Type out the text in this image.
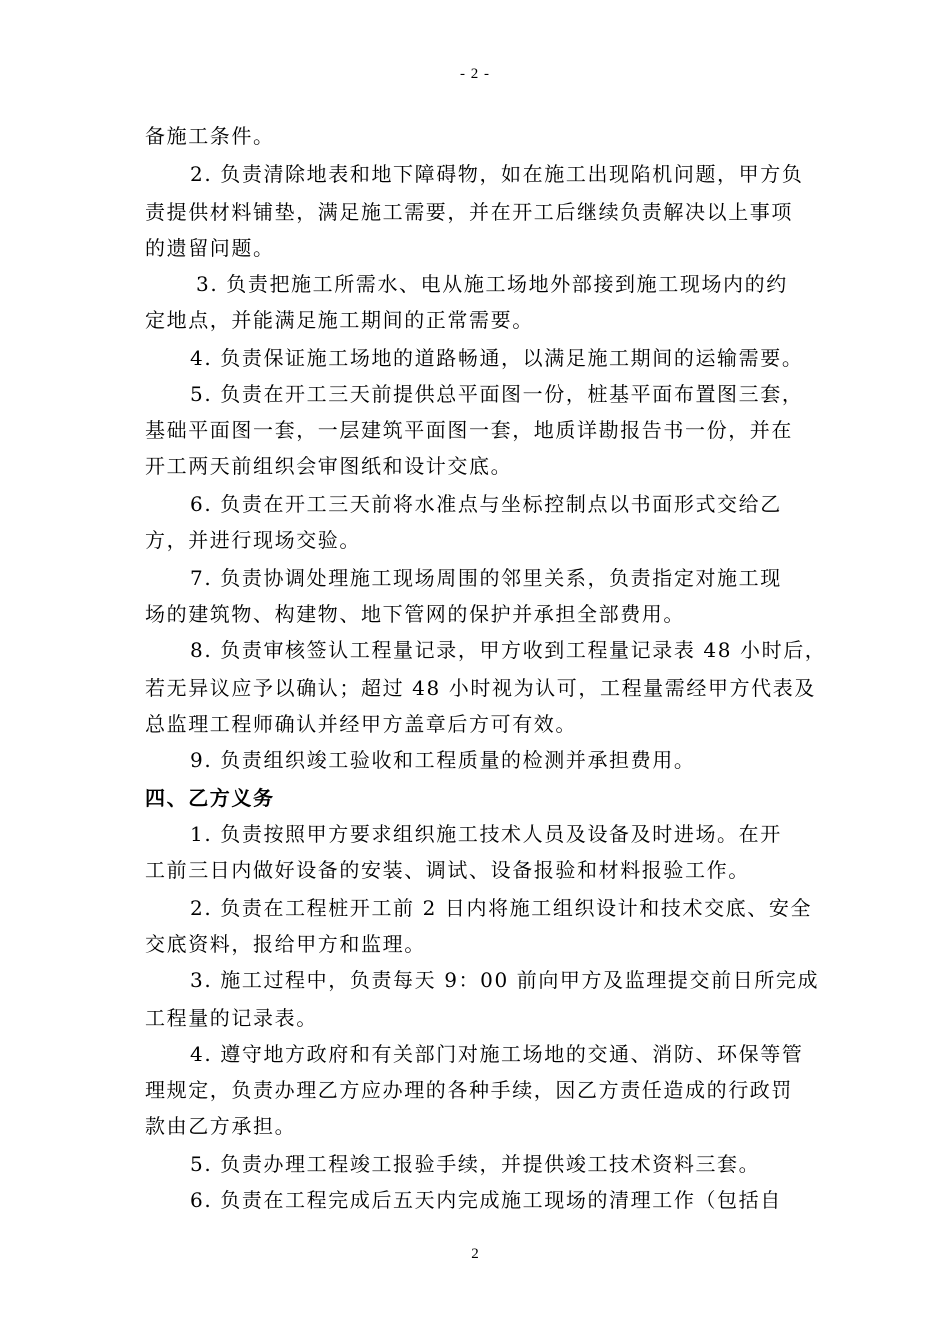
- 2 -
备施工条件。
2. 负责清除地表和地下障碍物，如在施工出现陷机问题，甲方负
责提供材料铺垫，满足施工需要，并在开工后继续负责解决以上事项
的遗留问题。
3. 负责把施工所需水、电从施工场地外部接到施工现场内的约
定地点，并能满足施工期间的正常需要。
4. 负责保证施工场地的道路畅通，以满足施工期间的运输需要。
5. 负责在开工三天前提供总平面图一份，桩基平面布置图三套，
基础平面图一套，一层建筑平面图一套，地质详勘报告书一份，并在
开工两天前组织会审图纸和设计交底。
6. 负责在开工三天前将水准点与坐标控制点以书面形式交给乙
方，并进行现场交验。
7. 负责协调处理施工现场周围的邻里关系，负责指定对施工现
场的建筑物、构建物、地下管网的保护并承担全部费用。
8. 负责审核签认工程量记录，甲方收到工程量记录表 48 小时后，
若无异议应予以确认；超过 48 小时视为认可，工程量需经甲方代表及
总监理工程师确认并经甲方盖章后方可有效。
9. 负责组织竣工验收和工程质量的检测并承担费用。
四、乙方义务
1. 负责按照甲方要求组织施工技术人员及设备及时进场。在开
工前三日内做好设备的安装、调试、设备报验和材料报验工作。
2. 负责在工程桩开工前 2 日内将施工组织设计和技术交底、安全
交底资料，报给甲方和监理。
3. 施工过程中，负责每天 9：00 前向甲方及监理提交前日所完成
工程量的记录表。
4. 遵守地方政府和有关部门对施工场地的交通、消防、环保等管
理规定，负责办理乙方应办理的各种手续，因乙方责任造成的行政罚
款由乙方承担。
5. 负责办理工程竣工报验手续，并提供竣工技术资料三套。
6. 负责在工程完成后五天内完成施工现场的清理工作（包括自
2
